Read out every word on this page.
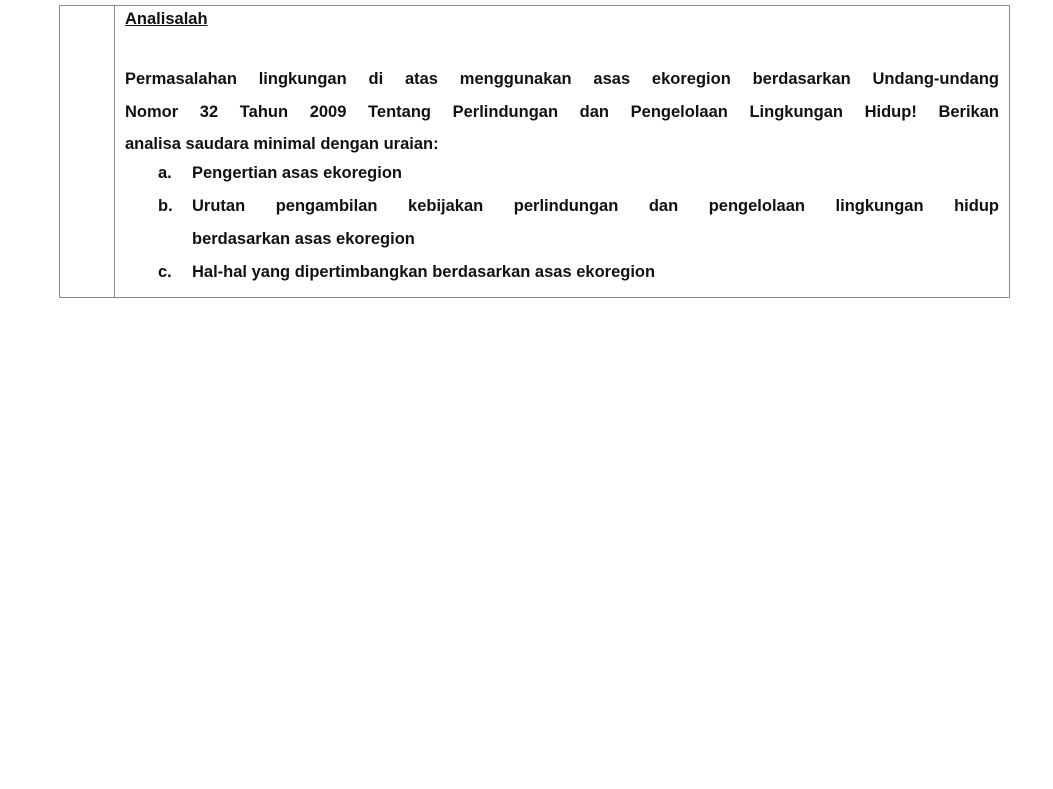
Analisalah
Permasalahan lingkungan di atas menggunakan asas ekoregion berdasarkan Undang-undang
Nomor 32 Tahun 2009 Tentang Perlindungan dan Pengelolaan Lingkungan Hidup! Berikan
analisa saudara minimal dengan uraian:
a.	Pengertian asas ekoregion
b.	Urutan pengambilan kebijakan perlindungan dan pengelolaan lingkungan hidup
berdasarkan asas ekoregion
c.	Hal-hal yang dipertimbangkan berdasarkan asas ekoregion
